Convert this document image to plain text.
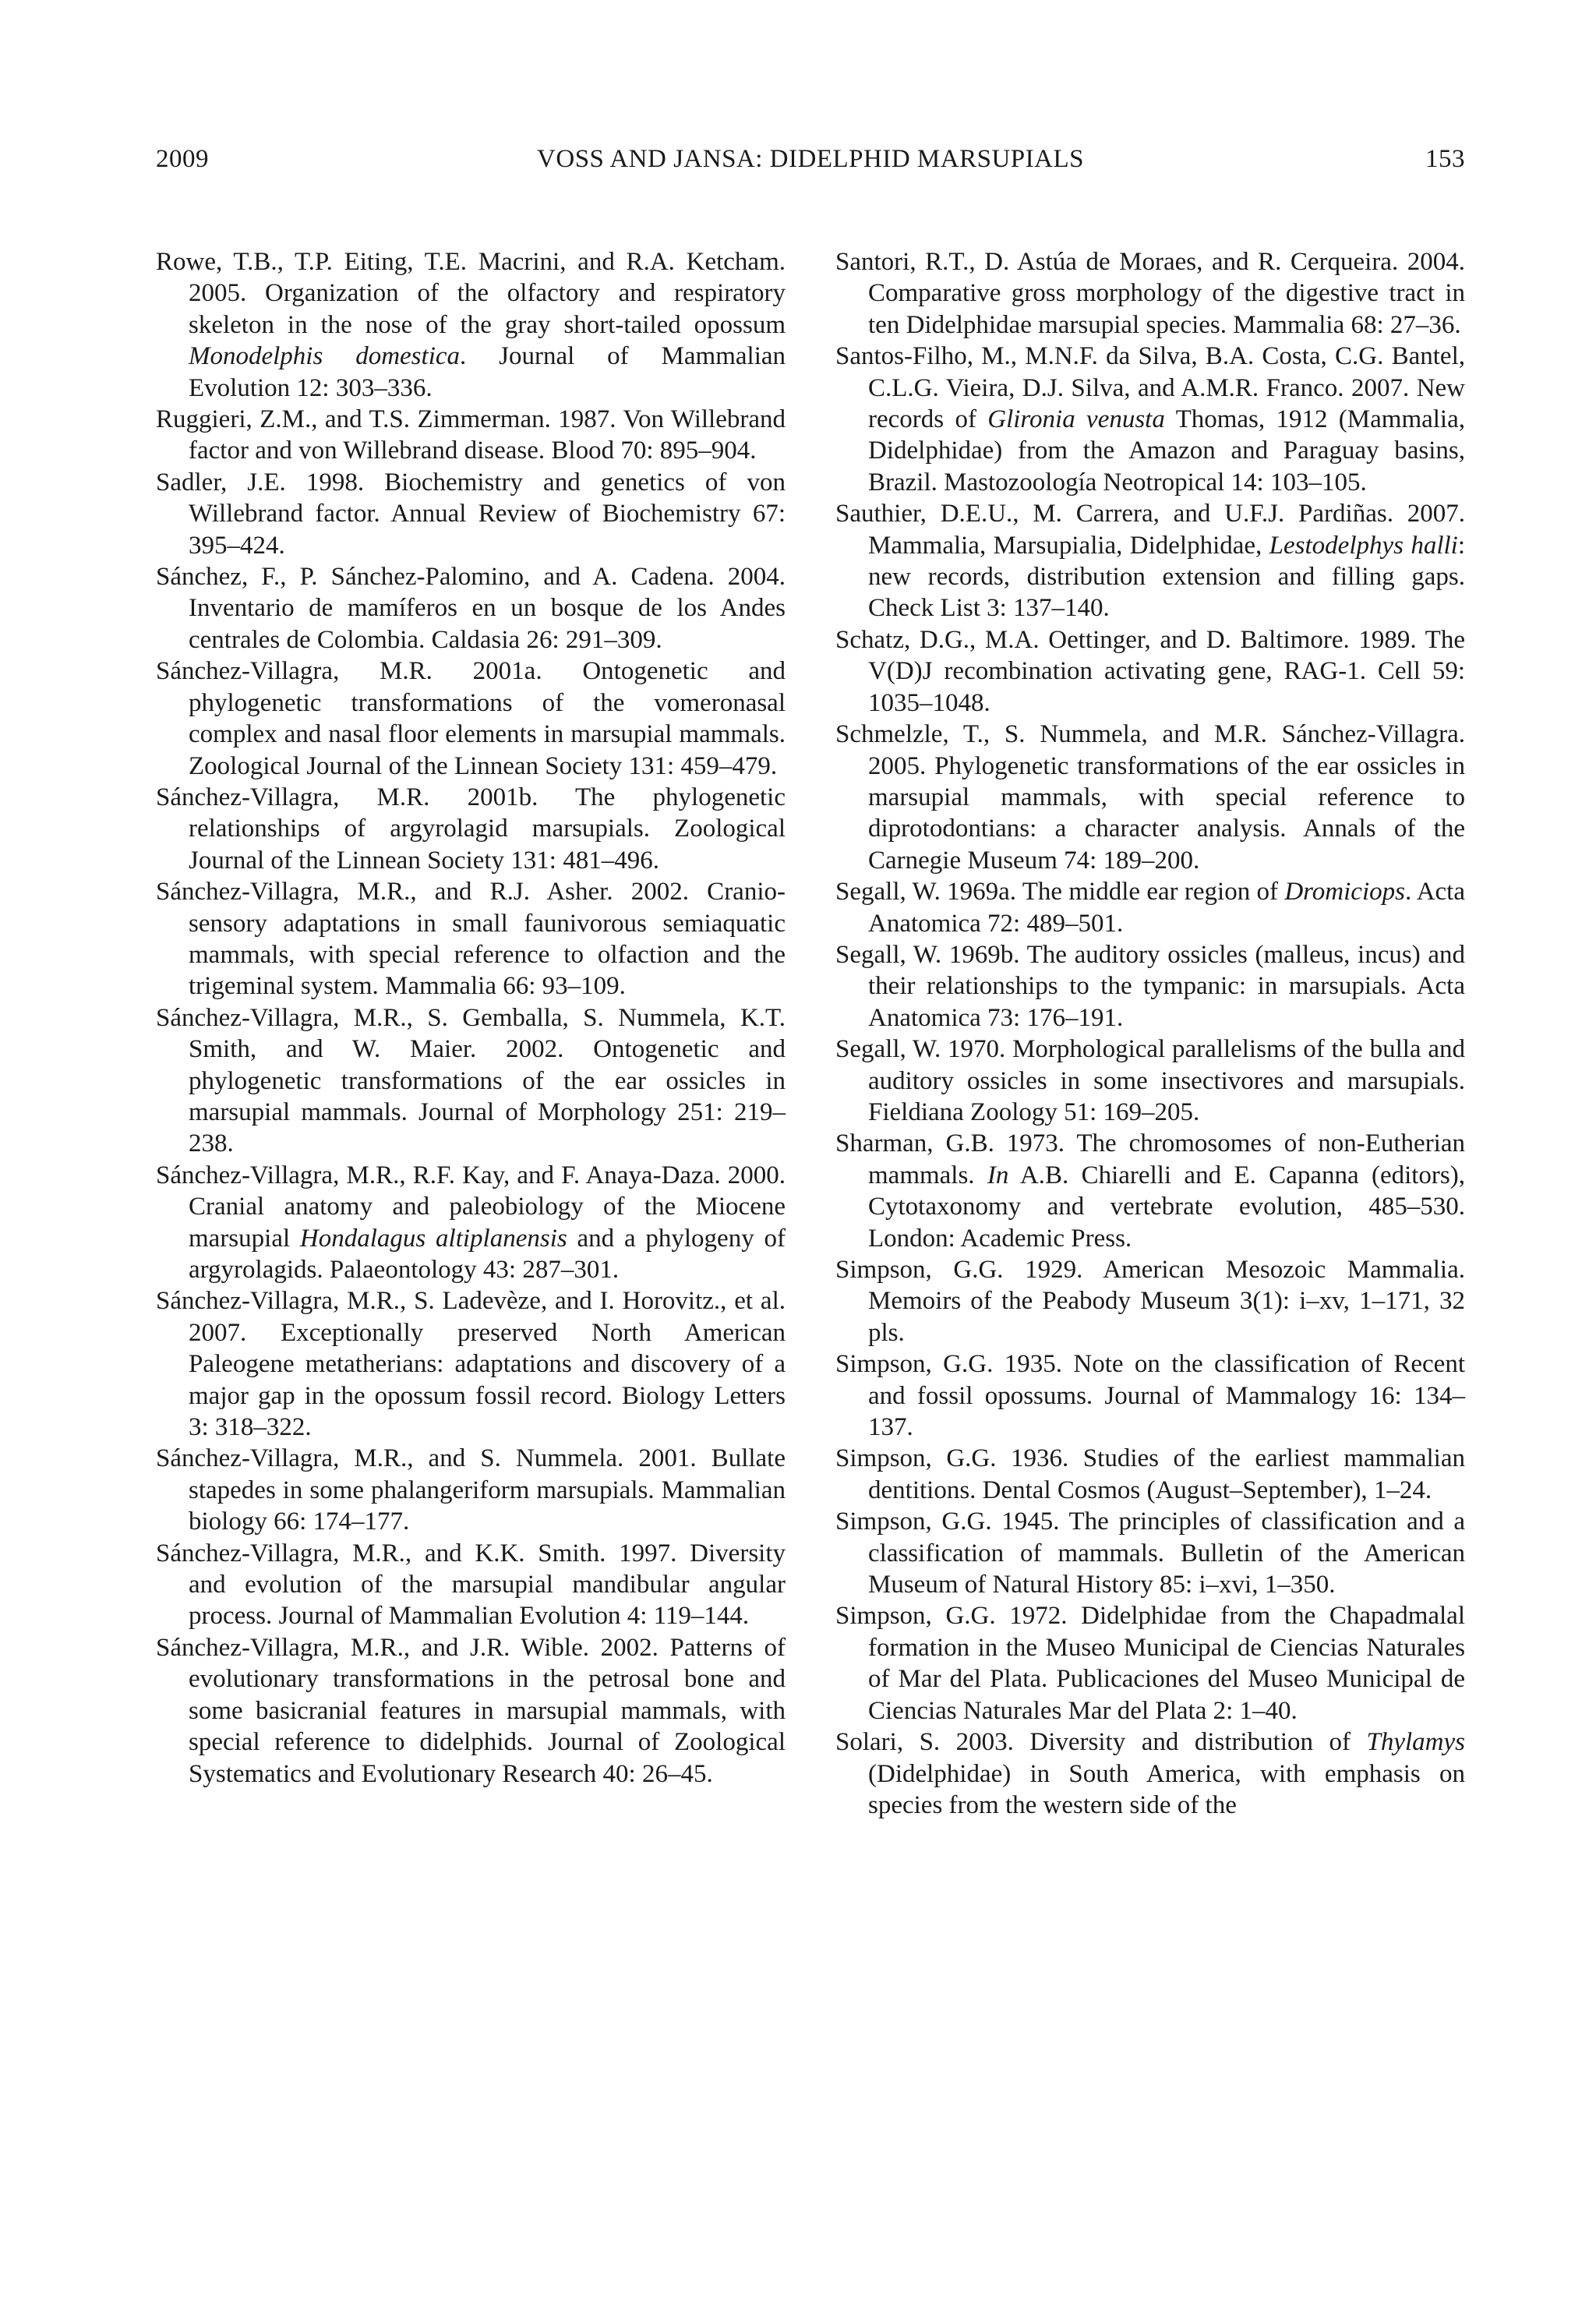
2009	VOSS AND JANSA: DIDELPHID MARSUPIALS	153

Rowe, T.B., T.P. Eiting, T.E. Macrini, and R.A. Ketcham. 2005. Organization of the olfactory and respiratory skeleton in the nose of the gray short-tailed opossum Monodelphis domestica. Journal of Mammalian Evolution 12: 303–336.

Ruggieri, Z.M., and T.S. Zimmerman. 1987. Von Willebrand factor and von Willebrand disease. Blood 70: 895–904.

Sadler, J.E. 1998. Biochemistry and genetics of von Willebrand factor. Annual Review of Biochemistry 67: 395–424.

Sánchez, F., P. Sánchez-Palomino, and A. Cadena. 2004. Inventario de mamíferos en un bosque de los Andes centrales de Colombia. Caldasia 26: 291–309.

Sánchez-Villagra, M.R. 2001a. Ontogenetic and phylogenetic transformations of the vomeronasal complex and nasal floor elements in marsupial mammals. Zoological Journal of the Linnean Society 131: 459–479.

Sánchez-Villagra, M.R. 2001b. The phylogenetic relationships of argyrolagid marsupials. Zoological Journal of the Linnean Society 131: 481–496.

Sánchez-Villagra, M.R., and R.J. Asher. 2002. Cranio-sensory adaptations in small faunivorous semiaquatic mammals, with special reference to olfaction and the trigeminal system. Mammalia 66: 93–109.

Sánchez-Villagra, M.R., S. Gemballa, S. Nummela, K.T. Smith, and W. Maier. 2002. Ontogenetic and phylogenetic transformations of the ear ossicles in marsupial mammals. Journal of Morphology 251: 219–238.

Sánchez-Villagra, M.R., R.F. Kay, and F. Anaya-Daza. 2000. Cranial anatomy and paleobiology of the Miocene marsupial Hondalagus altiplanensis and a phylogeny of argyrolagids. Palaeontology 43: 287–301.

Sánchez-Villagra, M.R., S. Ladevèze, and I. Horovitz., et al. 2007. Exceptionally preserved North American Paleogene metatherians: adaptations and discovery of a major gap in the opossum fossil record. Biology Letters 3: 318–322.

Sánchez-Villagra, M.R., and S. Nummela. 2001. Bullate stapedes in some phalangeriform marsupials. Mammalian biology 66: 174–177.

Sánchez-Villagra, M.R., and K.K. Smith. 1997. Diversity and evolution of the marsupial mandibular angular process. Journal of Mammalian Evolution 4: 119–144.

Sánchez-Villagra, M.R., and J.R. Wible. 2002. Patterns of evolutionary transformations in the petrosal bone and some basicranial features in marsupial mammals, with special reference to didelphids. Journal of Zoological Systematics and Evolutionary Research 40: 26–45.

Santori, R.T., D. Astúa de Moraes, and R. Cerqueira. 2004. Comparative gross morphology of the digestive tract in ten Didelphidae marsupial species. Mammalia 68: 27–36.

Santos-Filho, M., M.N.F. da Silva, B.A. Costa, C.G. Bantel, C.L.G. Vieira, D.J. Silva, and A.M.R. Franco. 2007. New records of Glironia venusta Thomas, 1912 (Mammalia, Didelphidae) from the Amazon and Paraguay basins, Brazil. Mastozoología Neotropical 14: 103–105.

Sauthier, D.E.U., M. Carrera, and U.F.J. Pardiñas. 2007. Mammalia, Marsupialia, Didelphidae, Lestodelphys halli: new records, distribution extension and filling gaps. Check List 3: 137–140.

Schatz, D.G., M.A. Oettinger, and D. Baltimore. 1989. The V(D)J recombination activating gene, RAG-1. Cell 59: 1035–1048.

Schmelzle, T., S. Nummela, and M.R. Sánchez-Villagra. 2005. Phylogenetic transformations of the ear ossicles in marsupial mammals, with special reference to diprotodontians: a character analysis. Annals of the Carnegie Museum 74: 189–200.

Segall, W. 1969a. The middle ear region of Dromiciops. Acta Anatomica 72: 489–501.

Segall, W. 1969b. The auditory ossicles (malleus, incus) and their relationships to the tympanic: in marsupials. Acta Anatomica 73: 176–191.

Segall, W. 1970. Morphological parallelisms of the bulla and auditory ossicles in some insectivores and marsupials. Fieldiana Zoology 51: 169–205.

Sharman, G.B. 1973. The chromosomes of non-Eutherian mammals. In A.B. Chiarelli and E. Capanna (editors), Cytotaxonomy and vertebrate evolution, 485–530. London: Academic Press.

Simpson, G.G. 1929. American Mesozoic Mammalia. Memoirs of the Peabody Museum 3(1): i–xv, 1–171, 32 pls.

Simpson, G.G. 1935. Note on the classification of Recent and fossil opossums. Journal of Mammalogy 16: 134–137.

Simpson, G.G. 1936. Studies of the earliest mammalian dentitions. Dental Cosmos (August–September), 1–24.

Simpson, G.G. 1945. The principles of classification and a classification of mammals. Bulletin of the American Museum of Natural History 85: i–xvi, 1–350.

Simpson, G.G. 1972. Didelphidae from the Chapadmalal formation in the Museo Municipal de Ciencias Naturales of Mar del Plata. Publicaciones del Museo Municipal de Ciencias Naturales Mar del Plata 2: 1–40.

Solari, S. 2003. Diversity and distribution of Thylamys (Didelphidae) in South America, with emphasis on species from the western side of the
